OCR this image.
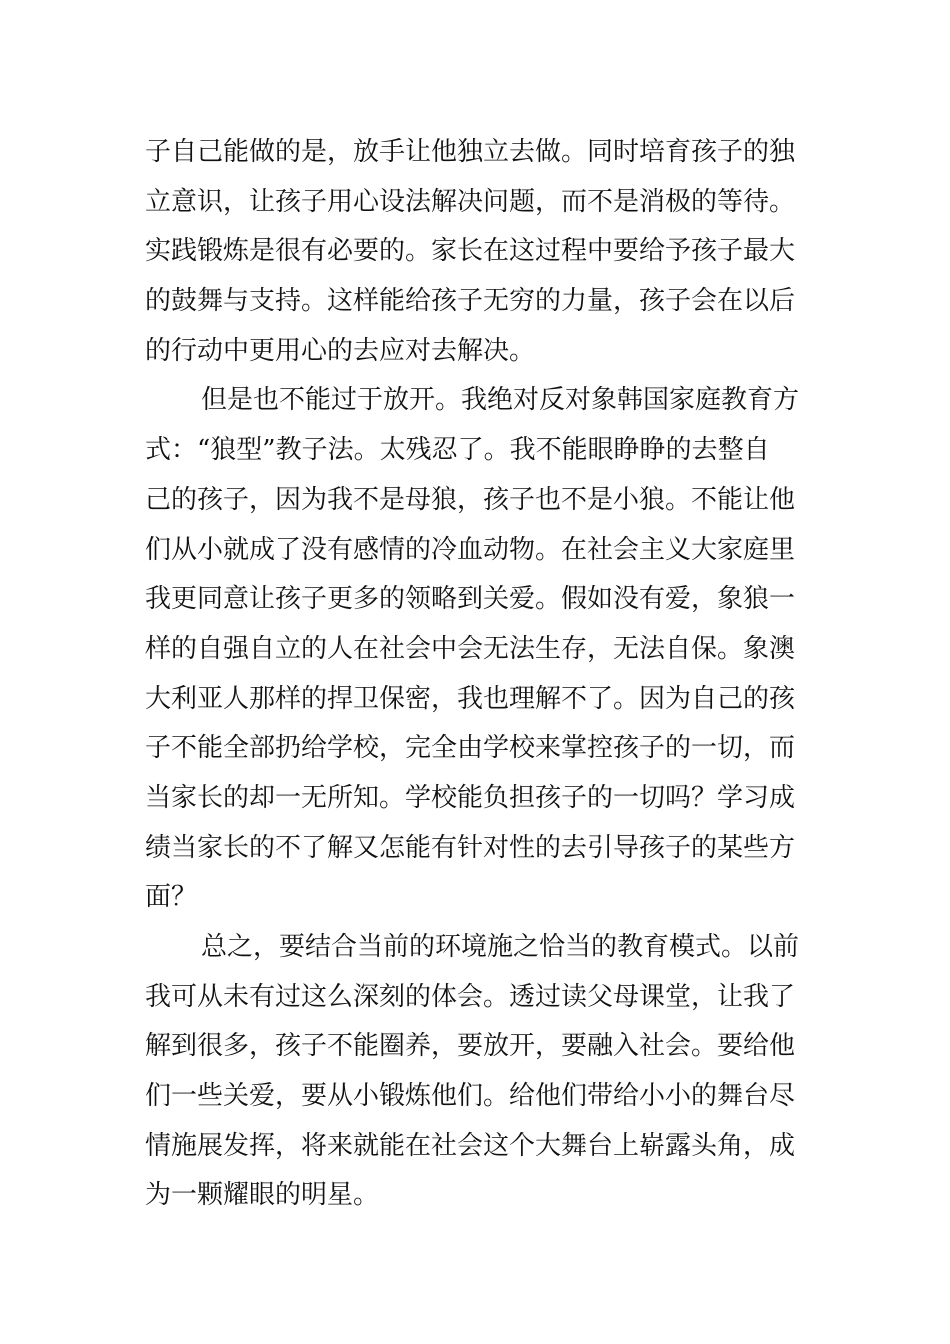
子自己能做的是，放手让他独立去做。同时培育孩子的独
立意识，让孩子用心设法解决问题，而不是消极的等待。
实践锻炼是很有必要的。家长在这过程中要给予孩子最大
的鼓舞与支持。这样能给孩子无穷的力量，孩子会在以后
的行动中更用心的去应对去解决。
但是也不能过于放开。我绝对反对象韩国家庭教育方
式：“狼型”教子法。太残忍了。我不能眼睁睁的去整自
己的孩子，因为我不是母狼，孩子也不是小狼。不能让他
们从小就成了没有感情的冷血动物。在社会主义大家庭里
我更同意让孩子更多的领略到关爱。假如没有爱，象狼一
样的自强自立的人在社会中会无法生存，无法自保。象澳
大利亚人那样的捍卫保密，我也理解不了。因为自己的孩
子不能全部扔给学校，完全由学校来掌控孩子的一切，而
当家长的却一无所知。学校能负担孩子的一切吗？学习成
绩当家长的不了解又怎能有针对性的去引导孩子的某些方
面？
总之，要结合当前的环境施之恰当的教育模式。以前
我可从未有过这么深刻的体会。透过读父母课堂，让我了
解到很多，孩子不能圈养，要放开，要融入社会。要给他
们一些关爱，要从小锻炼他们。给他们带给小小的舞台尽
情施展发挥，将来就能在社会这个大舞台上崭露头角，成
为一颗耀眼的明星。
